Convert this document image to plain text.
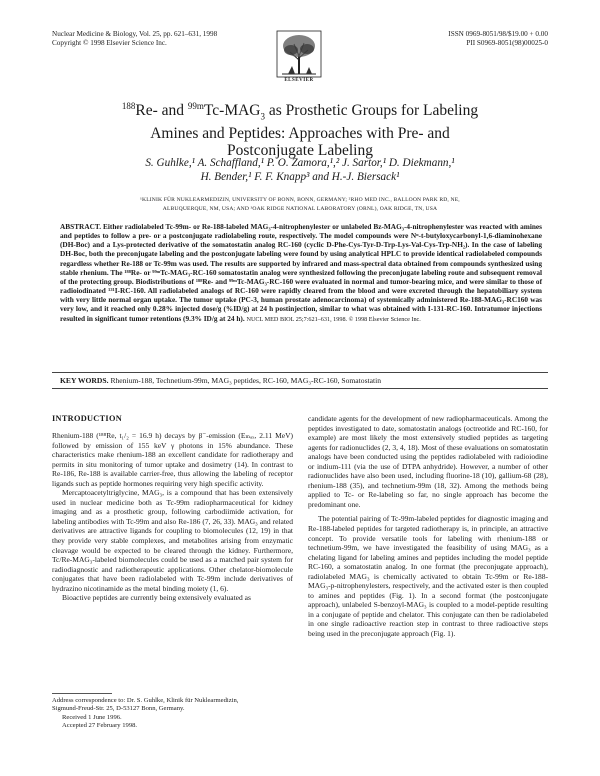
Nuclear Medicine & Biology, Vol. 25, pp. 621–631, 1998
Copyright © 1998 Elsevier Science Inc.
ISSN 0969-8051/98/$19.00 + 0.00
PII S0969-8051(98)00025-0
ELSEVIER
$^{188}$Re- and $^{99m}Tc-MAG_3$ as Prosthetic Groups for Labeling
Amines and Peptides: Approaches with Pre- and
Postconjugate Labeling
S. Guhlke,¹ A. Schaffland,¹ P. O. Zamora,¹,² J. Sartor,¹ D. Diekmann,¹
H. Bender,¹ F. F. Knapp³ and H.-J. Biersack¹
¹KLINIK FÜR NUKLEARMEDIZIN, UNIVERSITY OF BONN, BONN, GERMANY; ²RHO MED INC., BALLOON PARK RD, NE,
ALBUQUERQUE, NM, USA; AND ³OAK RIDGE NATIONAL LABORATORY (ORNL), OAK RIDGE, TN, USA
ABSTRACT. Either radiolabeled Tc-99m- or Re-188-labeled MAG₃-4-nitrophenylester or unlabeled Bz-MAG₃-4-nitrophenylester was reacted with amines and peptides to follow a pre- or a postconjugate radiolabeling route, respectively. The model compounds were Nᵅ-t-butyloxycarbonyl-1,6-diaminohexane (DH-Boc) and a Lys-protected derivative of the somatostatin analog RC-160 (cyclic D-Phe-Cys-Tyr-D-Trp-Lys-Val-Cys-Trp-NH₂). In the case of labeling DH-Boc, both the preconjugate labeling and the postconjugate labeling were found by using analytical HPLC to provide identical radiolabeled compounds regardless whether Re-188 or Tc-99m was used. The results are supported by infrared and mass-spectral data obtained from compounds synthesized using stable rhenium. The ¹⁸⁸Re- or ⁹⁹ᵐTc-MAG₃-RC-160 somatostatin analog were synthesized following the preconjugate labeling route and subsequent removal of the protecting group. Biodistributions of ¹⁸⁸Re- and ⁹⁹ᵐTc-MAG₃-RC-160 were evaluated in normal and tumor-bearing mice, and were similar to those of radioiodinated ¹³¹I-RC-160. All radiolabeled analogs of RC-160 were rapidly cleared from the blood and were excreted through the hepatobiliary system with very little normal organ uptake. The tumor uptake (PC-3, human prostate adenocarcinoma) of systemically administered Re-188-MAG₃-RC160 was very low, and it reached only 0.28% injected dose/g (%ID/g) at 24 h postinjection, similar to what was obtained with I-131-RC-160. Intratumor injections resulted in significant tumor retentions (9.3% ID/g at 24 h). NUCL MED BIOL 25;7:621–631, 1998. © 1998 Elsevier Science Inc.
KEY WORDS. Rhenium-188, Technetium-99m, MAG₃ peptides, RC-160, MAG₃-RC-160, Somatostatin
INTRODUCTION

Rhenium-188 (¹⁸⁸Re, t₁/₂ = 16.9 h) decays by β⁻-emission (Eₘₐₓ, 2.11 MeV) followed by emission of 155 keV γ photons in 15% abundance. These characteristics make rhenium-188 an excellent candidate for radiotherapy and permits in situ monitoring of tumor uptake and dosimetry (14). In contrast to Re-186, Re-188 is available carrier-free, thus allowing the labeling of receptor ligands such as peptide hormones requiring very high specific activity.

Mercaptoacetyltriglycine, MAG₃, is a compound that has been extensively used in nuclear medicine both as Tc-99m radiopharmaceutical for kidney imaging and as a prosthetic group, following carbodiimide activation, for labeling antibodies with Tc-99m and also Re-186 (7, 26, 33). MAG₃ and related derivatives are attractive ligands for coupling to biomolecules (12, 19) in that they provide very stable complexes, and metabolites arising from enzymatic cleavage would be expected to be cleared through the kidney. Furthermore, Tc/Re-MAG₃-labeled biomolecules could be used as a matched pair system for radiodiagnostic and radiotherapeutic applications. Other chelator-biomolecule conjugates that have been radiolabeled with Tc-99m include derivatives of hydrazino nicotinamide as the metal binding moiety (1, 6).

Bioactive peptides are currently being extensively evaluated as

Address correspondence to: Dr. S. Guhlke, Klinik für Nuklearmedizin,
Sigmund-Freud-Str. 25, D-53127 Bonn, Germany.
Received 1 June 1996.
Accepted 27 February 1998.

candidate agents for the development of new radiopharmaceuticals. Among the peptides investigated to date, somatostatin analogs (octreotide and RC-160, for example) are most likely the most extensively studied peptides as targeting agents for radionuclides (2, 3, 4, 18). Most of these evaluations on somatostatin analogs have been conducted using the peptides radiolabeled with radioiodine or indium-111 (via the use of DTPA anhydride). However, a number of other radionuclides have also been used, including fluorine-18 (10), gallium-68 (28), rhenium-188 (35), and technetium-99m (18, 32). Among the methods being applied to Tc- or Re-labeling so far, no single approach has become the predominant one.

The potential pairing of Tc-99m-labeled peptides for diagnostic imaging and Re-188-labeled peptides for targeted radiotherapy is, in principle, an attractive concept. To provide versatile tools for labeling with rhenium-188 or technetium-99m, we have investigated the feasibility of using MAG₃ as a chelating ligand for labeling amines and peptides including the model peptide RC-160, a somatostatin analog. In one format (the preconjugate approach), radiolabeled MAG₃ is chemically activated to obtain Tc-99m or Re-188-MAG₃-p-nitrophenylesters, respectively, and the activated ester is then coupled to amines and peptides (Fig. 1). In a second format (the postconjugate approach), unlabeled S-benzoyl-MAG₃ is coupled to a model-peptide resulting in a conjugate of peptide and chelator. This conjugate can then be radiolabeled in one single radioactive reaction step in contrast to three radioactive steps being used in the preconjugate approach (Fig. 1).
